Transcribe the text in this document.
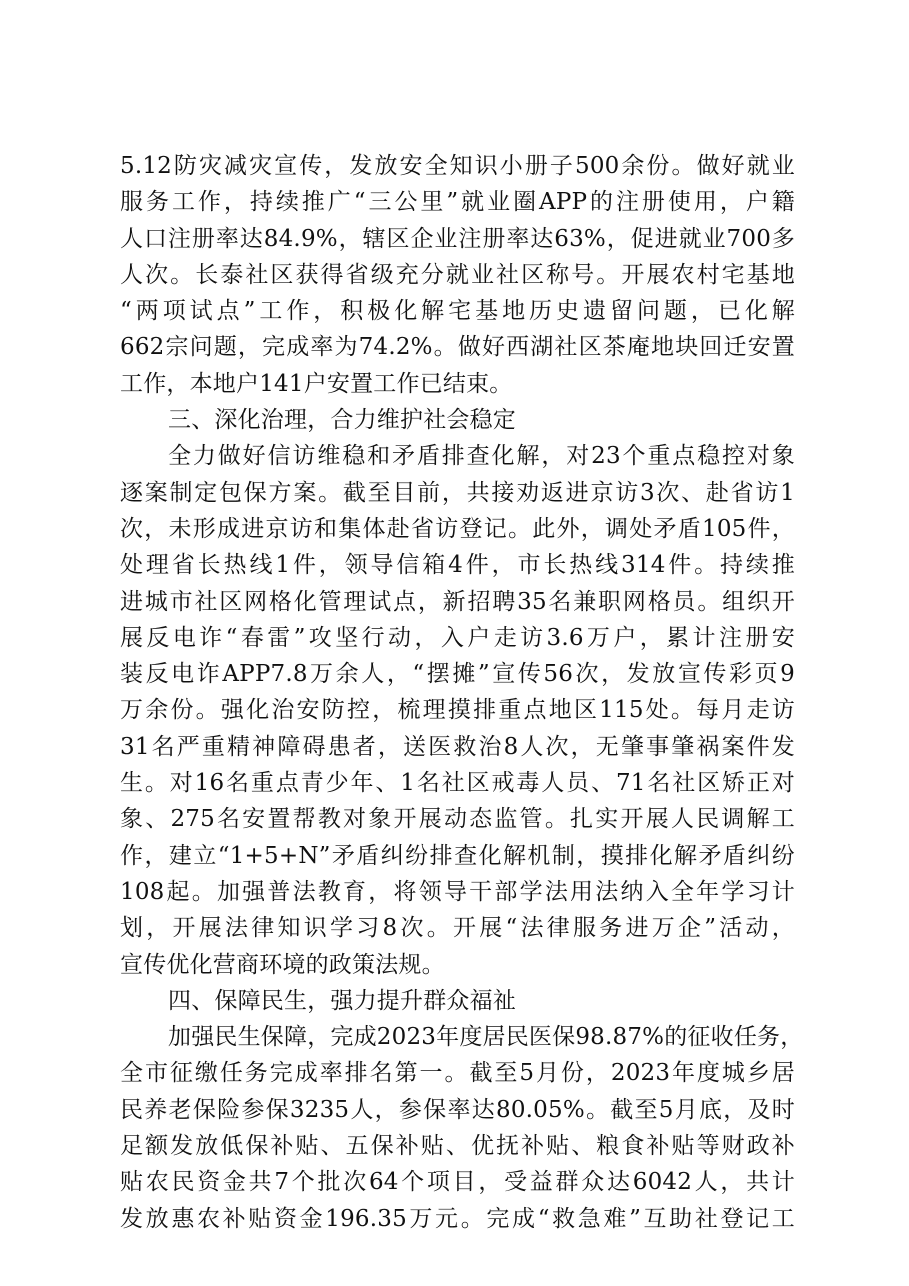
5.12防灾减灾宣传，发放安全知识小册子500余份。做好就业
服务工作，持续推广“三公里”就业圈APP的注册使用，户籍
人口注册率达84.9%，辖区企业注册率达63%，促进就业700多
人次。长泰社区获得省级充分就业社区称号。开展农村宅基地
“两项试点”工作，积极化解宅基地历史遗留问题，已化解
662宗问题，完成率为74.2%。做好西湖社区茶庵地块回迁安置
工作，本地户141户安置工作已结束。
三、深化治理，合力维护社会稳定
全力做好信访维稳和矛盾排查化解，对23个重点稳控对象
逐案制定包保方案。截至目前，共接劝返进京访3次、赴省访1
次，未形成进京访和集体赴省访登记。此外，调处矛盾105件，
处理省长热线1件，领导信箱4件，市长热线314件。持续推
进城市社区网格化管理试点，新招聘35名兼职网格员。组织开
展反电诈“春雷”攻坚行动，入户走访3.6万户，累计注册安
装反电诈APP7.8万余人，“摆摊”宣传56次，发放宣传彩页9
万余份。强化治安防控，梳理摸排重点地区115处。每月走访
31名严重精神障碍患者，送医救治8人次，无肇事肇祸案件发
生。对16名重点青少年、1名社区戒毒人员、71名社区矫正对
象、275名安置帮教对象开展动态监管。扎实开展人民调解工
作，建立“1+5+N”矛盾纠纷排查化解机制，摸排化解矛盾纠纷
108起。加强普法教育，将领导干部学法用法纳入全年学习计
划，开展法律知识学习8次。开展“法律服务进万企”活动，
宣传优化营商环境的政策法规。
四、保障民生，强力提升群众福祉
加强民生保障，完成2023年度居民医保98.87%的征收任务，
全市征缴任务完成率排名第一。截至5月份，2023年度城乡居
民养老保险参保3235人，参保率达80.05%。截至5月底，及时
足额发放低保补贴、五保补贴、优抚补贴、粮食补贴等财政补
贴农民资金共7个批次64个项目，受益群众达6042人，共计
发放惠农补贴资金196.35万元。完成“救急难”互助社登记工
